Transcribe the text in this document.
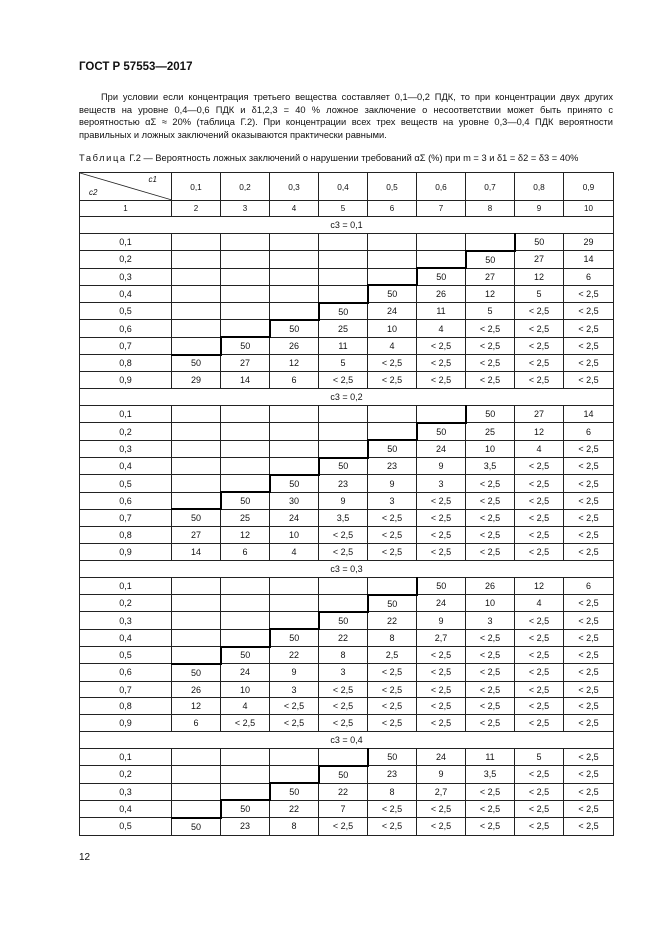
ГОСТ Р 57553—2017

При условии если концентрация третьего вещества составляет 0,1—0,2 ПДК, то при концентрации двух других веществ на уровне 0,4—0,6 ПДК и δ1,2,3 = 40 % ложное заключение о несоответствии может быть принято с вероятностью αΣ ≈ 20% (таблица Г.2). При концентрации всех трех веществ на уровне 0,3—0,4 ПДК вероятности правильных и ложных заключений оказываются практически равными.

Таблица Г.2 — Вероятность ложных заключений о нарушении требований αΣ (%) при m = 3 и δ1 = δ2 = δ3 = 40%
c1
c2	0,1	0,2	0,3	0,4	0,5	0,6	0,7	0,8	0,9
1	2	3	4	5	6	7	8	9	10
c3 = 0,1									
0,1								50	29
0,2							50	27	14
0,3						50	27	12	6
0,4					50	26	12	5	< 2,5
0,5				50	24	11	5	< 2,5	< 2,5
0,6			50	25	10	4	< 2,5	< 2,5	< 2,5
0,7		50	26	11	4	< 2,5	< 2,5	< 2,5	< 2,5
0,8	50	27	12	5	< 2,5	< 2,5	< 2,5	< 2,5	< 2,5
0,9	29	14	6	< 2,5	< 2,5	< 2,5	< 2,5	< 2,5	< 2,5
c3 = 0,2									
0,1							50	27	14
0,2						50	25	12	6
0,3					50	24	10	4	< 2,5
0,4				50	23	9	3,5	< 2,5	< 2,5
0,5			50	23	9	3	< 2,5	< 2,5	< 2,5
0,6		50	30	9	3	< 2,5	< 2,5	< 2,5	< 2,5
0,7	50	25	24	3,5	< 2,5	< 2,5	< 2,5	< 2,5	< 2,5
0,8	27	12	10	< 2,5	< 2,5	< 2,5	< 2,5	< 2,5	< 2,5
0,9	14	6	4	< 2,5	< 2,5	< 2,5	< 2,5	< 2,5	< 2,5
c3 = 0,3									
0,1						50	26	12	6
0,2					50	24	10	4	< 2,5
0,3				50	22	9	3	< 2,5	< 2,5
0,4			50	22	8	2,7	< 2,5	< 2,5	< 2,5
0,5		50	22	8	2,5	< 2,5	< 2,5	< 2,5	< 2,5
0,6	50	24	9	3	< 2,5	< 2,5	< 2,5	< 2,5	< 2,5
0,7	26	10	3	< 2,5	< 2,5	< 2,5	< 2,5	< 2,5	< 2,5
0,8	12	4	< 2,5	< 2,5	< 2,5	< 2,5	< 2,5	< 2,5	< 2,5
0,9	6	< 2,5	< 2,5	< 2,5	< 2,5	< 2,5	< 2,5	< 2,5	< 2,5
c3 = 0,4									
0,1					50	24	11	5	< 2,5
0,2				50	23	9	3,5	< 2,5	< 2,5
0,3			50	22	8	2,7	< 2,5	< 2,5	< 2,5
0,4		50	22	7	< 2,5	< 2,5	< 2,5	< 2,5	< 2,5
0,5	50	23	8	< 2,5	< 2,5	< 2,5	< 2,5	< 2,5	< 2,5
12
